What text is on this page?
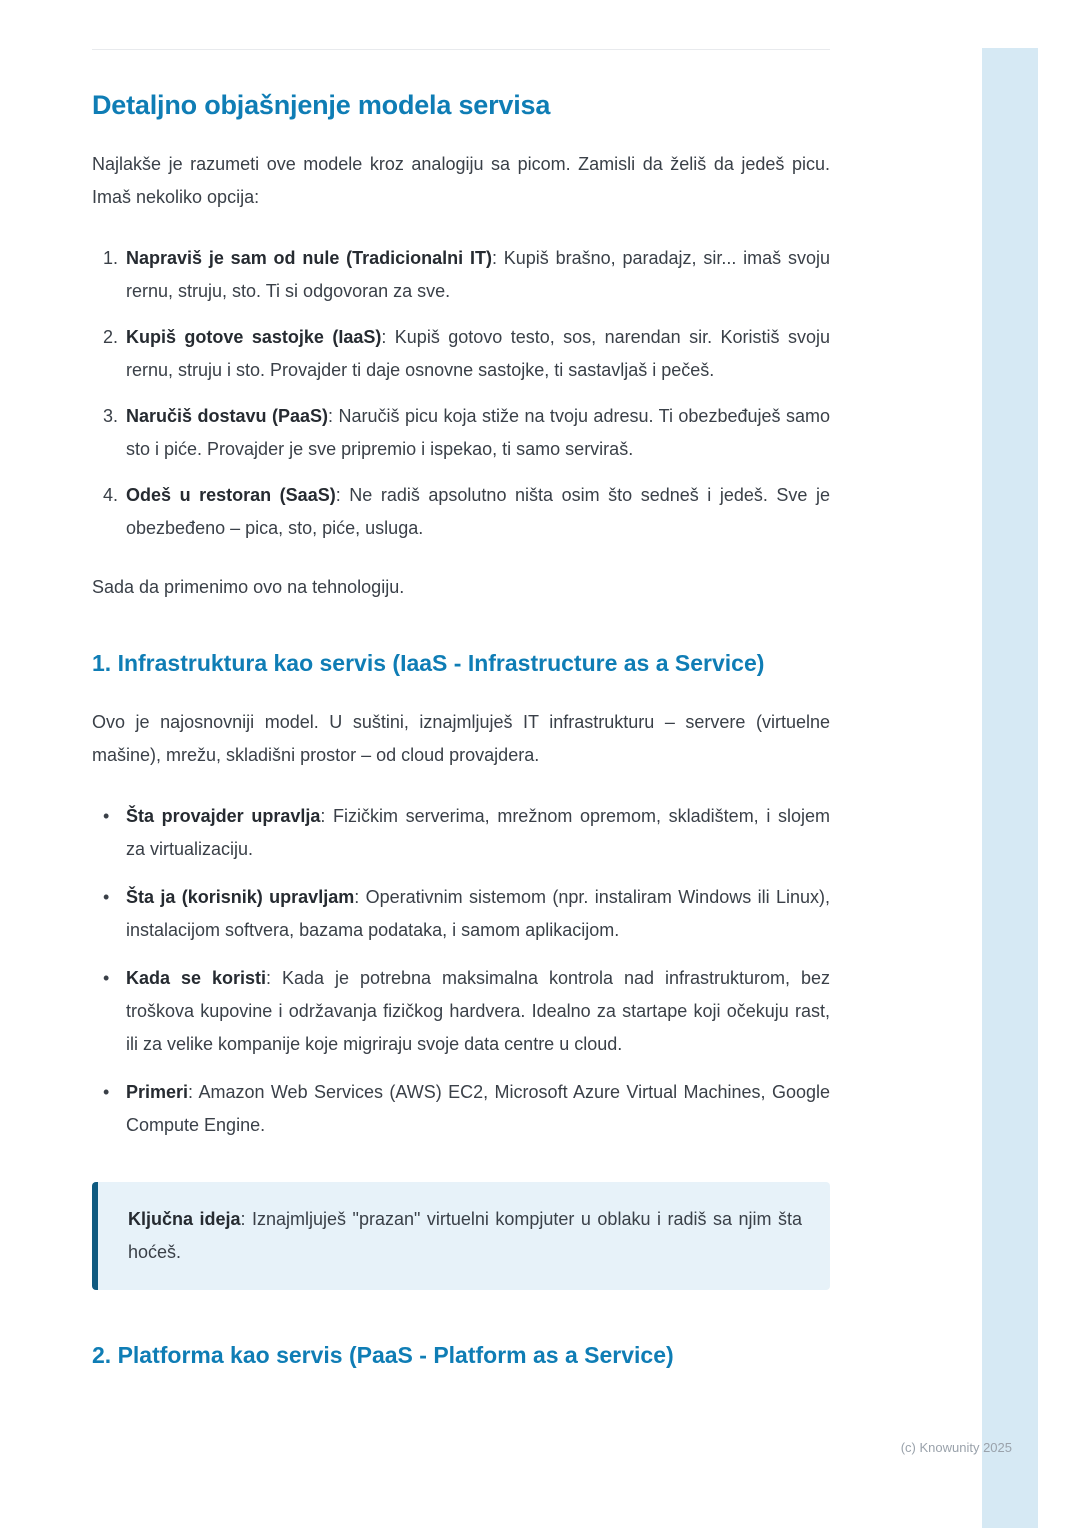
(c) Knowunity 2025
Detaljno objašnjenje modela servisa

Najlakše je razumeti ove modele kroz analogiju sa picom. Zamisli da želiš da jedeš picu. Imaš nekoliko opcija:

1. Napraviš je sam od nule (Tradicionalni IT): Kupiš brašno, paradajz, sir... imaš svoju rernu, struju, sto. Ti si odgovoran za sve.
2. Kupiš gotove sastojke (IaaS): Kupiš gotovo testo, sos, narendan sir. Koristiš svoju rernu, struju i sto. Provajder ti daje osnovne sastojke, ti sastavljaš i pečeš.
3. Naručiš dostavu (PaaS): Naručiš picu koja stiže na tvoju adresu. Ti obezbeđuješ samo sto i piće. Provajder je sve pripremio i ispekao, ti samo serviraš.
4. Odeš u restoran (SaaS): Ne radiš apsolutno ništa osim što sedneš i jedeš. Sve je obezbeđeno – pica, sto, piće, usluga.

Sada da primenimo ovo na tehnologiju.

1. Infrastruktura kao servis (IaaS - Infrastructure as a Service)

Ovo je najosnovniji model. U suštini, iznajmljuješ IT infrastrukturu – servere (virtuelne mašine), mrežu, skladišni prostor – od cloud provajdera.

•
Šta provajder upravlja: Fizičkim serverima, mrežnom opremom, skladištem, i slojem za virtualizaciju.
•
Šta ja (korisnik) upravljam: Operativnim sistemom (npr. instaliram Windows ili Linux), instalacijom softvera, bazama podataka, i samom aplikacijom.
•
Kada se koristi: Kada je potrebna maksimalna kontrola nad infrastrukturom, bez troškova kupovine i održavanja fizičkog hardvera. Idealno za startape koji očekuju rast, ili za velike kompanije koje migriraju svoje data centre u cloud.
•
Primeri: Amazon Web Services (AWS) EC2, Microsoft Azure Virtual Machines, Google Compute Engine.
Ključna ideja: Iznajmljuješ "prazan" virtuelni kompjuter u oblaku i radiš sa njim šta hoćeš.
2. Platforma kao servis (PaaS - Platform as a Service)
